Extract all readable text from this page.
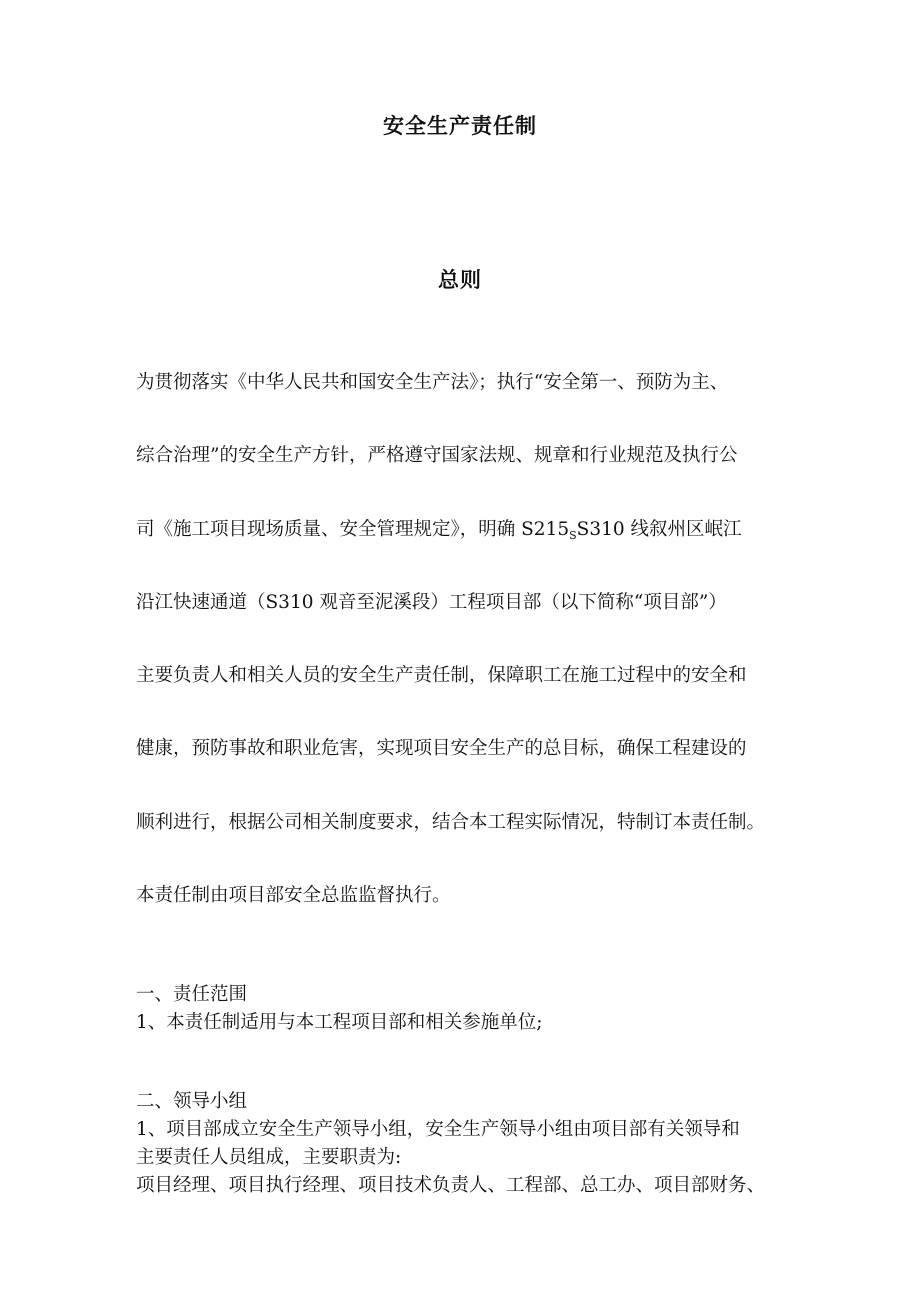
安全生产责任制
总则

为贯彻落实《中华人民共和国安全生产法》；执行“安全第一、预防为主、

综合治理”的安全生产方针，严格遵守国家法规、规章和行业规范及执行公

司《施工项目现场质量、安全管理规定》，明确 $S215_SS310$ 线叙州区岷江

沿江快速通道（S310 观音至泥溪段）工程项目部（以下简称“项目部”）

主要负责人和相关人员的安全生产责任制，保障职工在施工过程中的安全和

健康，预防事故和职业危害，实现项目安全生产的总目标，确保工程建设的

顺利进行，根据公司相关制度要求，结合本工程实际情况，特制订本责任制。

本责任制由项目部安全总监监督执行。

一、责任范围

1、本责任制适用与本工程项目部和相关参施单位;

二、领导小组

1、项目部成立安全生产领导小组，安全生产领导小组由项目部有关领导和

主要责任人员组成，主要职责为:

项目经理、项目执行经理、项目技术负责人、工程部、总工办、项目部财务、
